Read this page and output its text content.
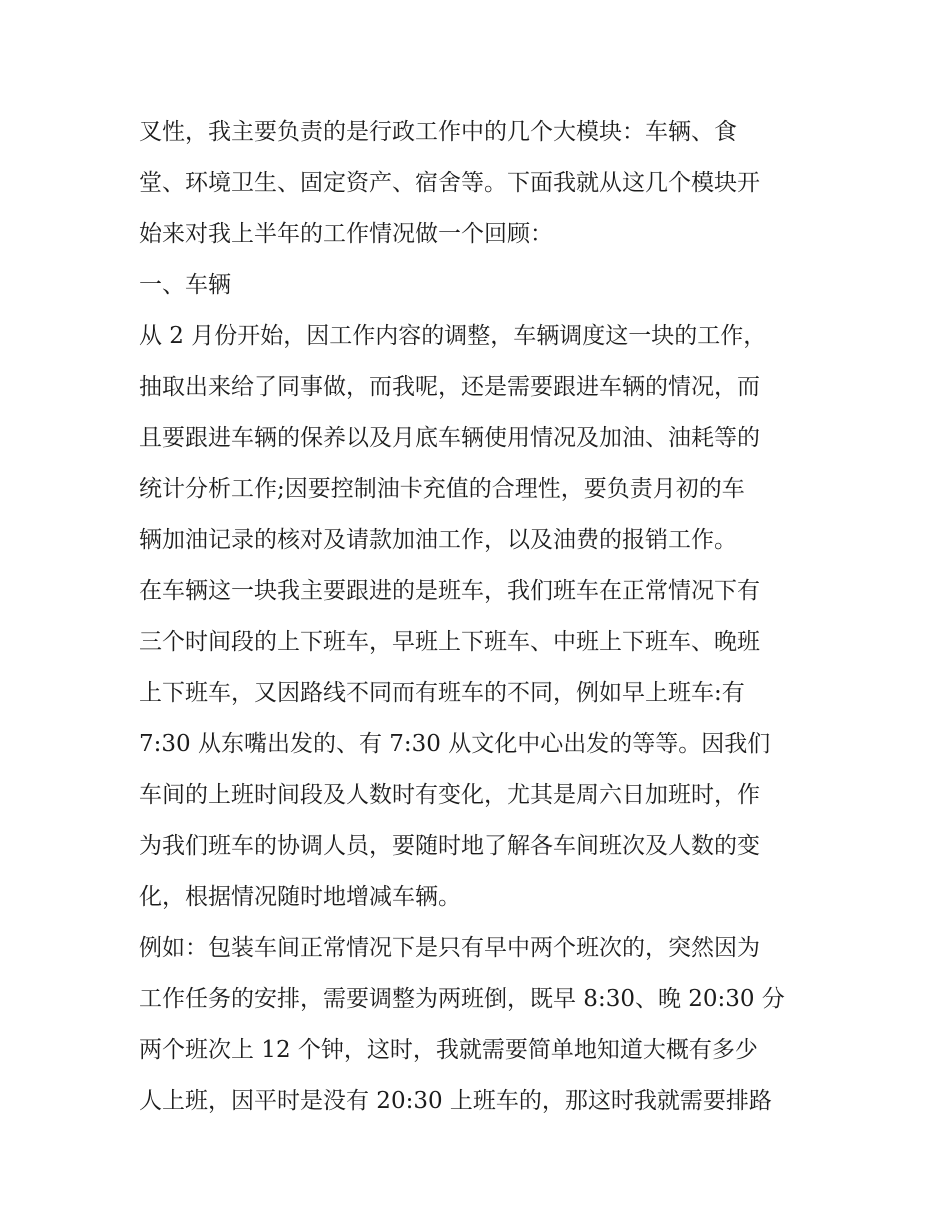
叉性，我主要负责的是行政工作中的几个大模块：车辆、食
堂、环境卫生、固定资产、宿舍等。下面我就从这几个模块开
始来对我上半年的工作情况做一个回顾：
一、车辆
从 2 月份开始，因工作内容的调整，车辆调度这一块的工作，
抽取出来给了同事做，而我呢，还是需要跟进车辆的情况，而
且要跟进车辆的保养以及月底车辆使用情况及加油、油耗等的
统计分析工作;因要控制油卡充值的合理性，要负责月初的车
辆加油记录的核对及请款加油工作，以及油费的报销工作。
在车辆这一块我主要跟进的是班车，我们班车在正常情况下有
三个时间段的上下班车，早班上下班车、中班上下班车、晚班
上下班车，又因路线不同而有班车的不同，例如早上班车:有
7:30 从东嘴出发的、有 7:30 从文化中心出发的等等。因我们
车间的上班时间段及人数时有变化，尤其是周六日加班时，作
为我们班车的协调人员，要随时地了解各车间班次及人数的变
化，根据情况随时地增减车辆。
例如：包装车间正常情况下是只有早中两个班次的，突然因为
工作任务的安排，需要调整为两班倒，既早 8:30、晚 20:30 分
两个班次上 12 个钟，这时，我就需要简单地知道大概有多少
人上班，因平时是没有 20:30 上班车的，那这时我就需要排路
